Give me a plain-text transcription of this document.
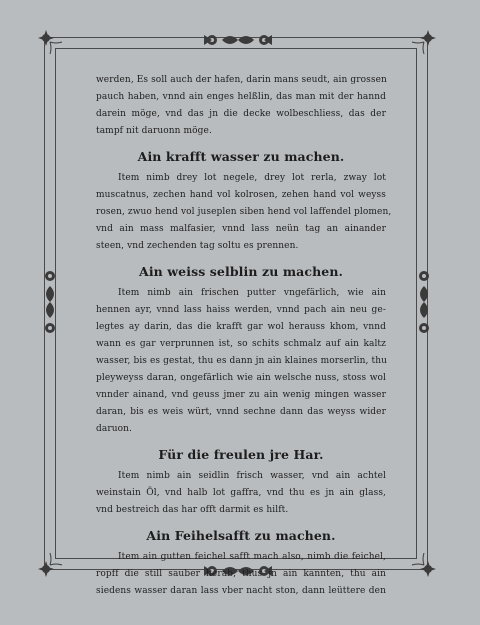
werden, Es soll auch der hafen, darin mans seudt, ain grossen
pauch haben, vnnd ain enges helßlin, das man mit der hannd
darein möge, vnd das jn die decke wolbeschliess, das der
tampf nit daruonn möge.
Ain krafft wasser zu machen.
Item nimb drey lot negele, drey lot rerla, zway lot
muscatnus, zechen hand vol kolrosen, zehen hand vol weyss
rosen, zwuo hend vol juseplen siben hend vol laffendel plomen,
vnd ain mass malfasier, vnnd lass neün tag an ainander
steen, vnd zechenden tag soltu es prennen.
Ain weiss selblin zu machen.
Item nimb ain frischen putter vngefärlich, wie ain
hennen ayr, vnnd lass haiss werden, vnnd pach ain neu ge-
legtes ay darin, das die krafft gar wol herauss khom, vnnd
wann es gar verprunnen ist, so schits schmalz auf ain kaltz
wasser, bis es gestat, thu es dann jn ain klaines morserlin, thu
pleyweyss daran, ongefärlich wie ain welsche nuss, stoss wol
vnnder ainand, vnd geuss jmer zu ain wenig mingen wasser
daran, bis es weis würt, vnnd sechne dann das weyss wider
daruon.
Für die freulen jre Har.
Item nimb ain seidlin frisch wasser, vnd ain achtel
weinstain Öl, vnd halb lot gaffra, vnd thu es jn ain glass,
vnd bestreich das har offt darmit es hilft.
Ain Feihelsafft zu machen.
Item ain gutten feichel safft mach also, nimb die feichel,
ropff die still sauber herab, thus jn ain kannten, thu ain
siedens wasser daran lass vber nacht ston, dann leüttere den
